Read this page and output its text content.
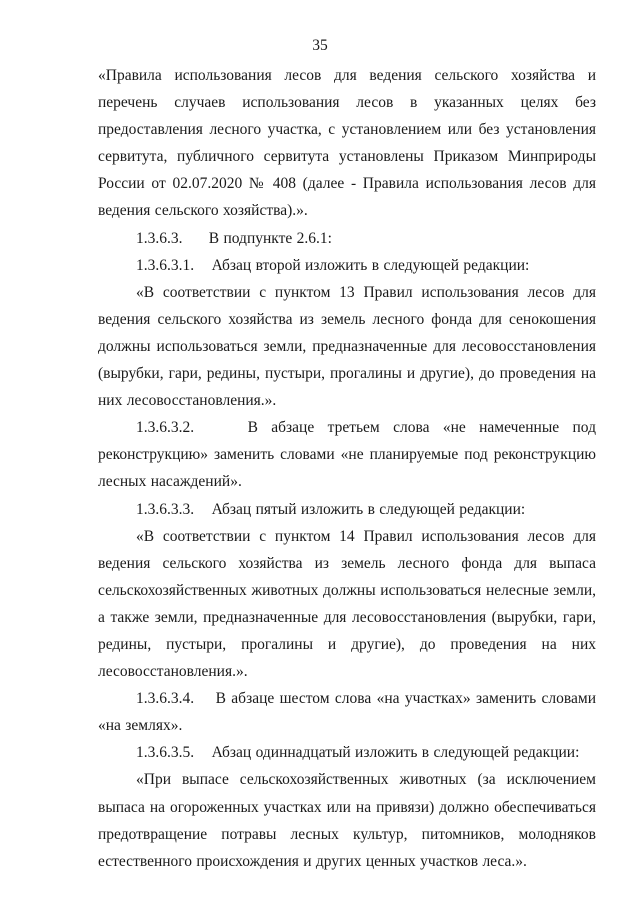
35

«Правила использования лесов для ведения сельского хозяйства и перечень случаев использования лесов в указанных целях без предоставления лесного участка, с установлением или без установления сервитута, публичного сервитута установлены Приказом Минприроды России от 02.07.2020 № 408 (далее - Правила использования лесов для ведения сельского хозяйства).».

1.3.6.3.      В подпункте 2.6.1:

1.3.6.3.1.    Абзац второй изложить в следующей редакции:

«В соответствии с пунктом 13 Правил использования лесов для ведения сельского хозяйства из земель лесного фонда для сенокошения должны использоваться земли, предназначенные для лесовосстановления (вырубки, гари, редины, пустыри, прогалины и другие), до проведения на них лесовосстановления.».

1.3.6.3.2.    В абзаце третьем слова «не намеченные под реконструкцию» заменить словами «не планируемые под реконструкцию лесных насаждений».

1.3.6.3.3.    Абзац пятый изложить в следующей редакции:

«В соответствии с пунктом 14 Правил использования лесов для ведения сельского хозяйства из земель лесного фонда для выпаса сельскохозяйственных животных должны использоваться нелесные земли, а также земли, предназначенные для лесовосстановления (вырубки, гари, редины, пустыри, прогалины и другие), до проведения на них лесовосстановления.».

1.3.6.3.4.    В абзаце шестом слова «на участках» заменить словами «на землях».

1.3.6.3.5.    Абзац одиннадцатый изложить в следующей редакции:

«При выпасе сельскохозяйственных животных (за исключением выпаса на огороженных участках или на привязи) должно обеспечиваться предотвращение потравы лесных культур, питомников, молодняков естественного происхождения и других ценных участков леса.».
